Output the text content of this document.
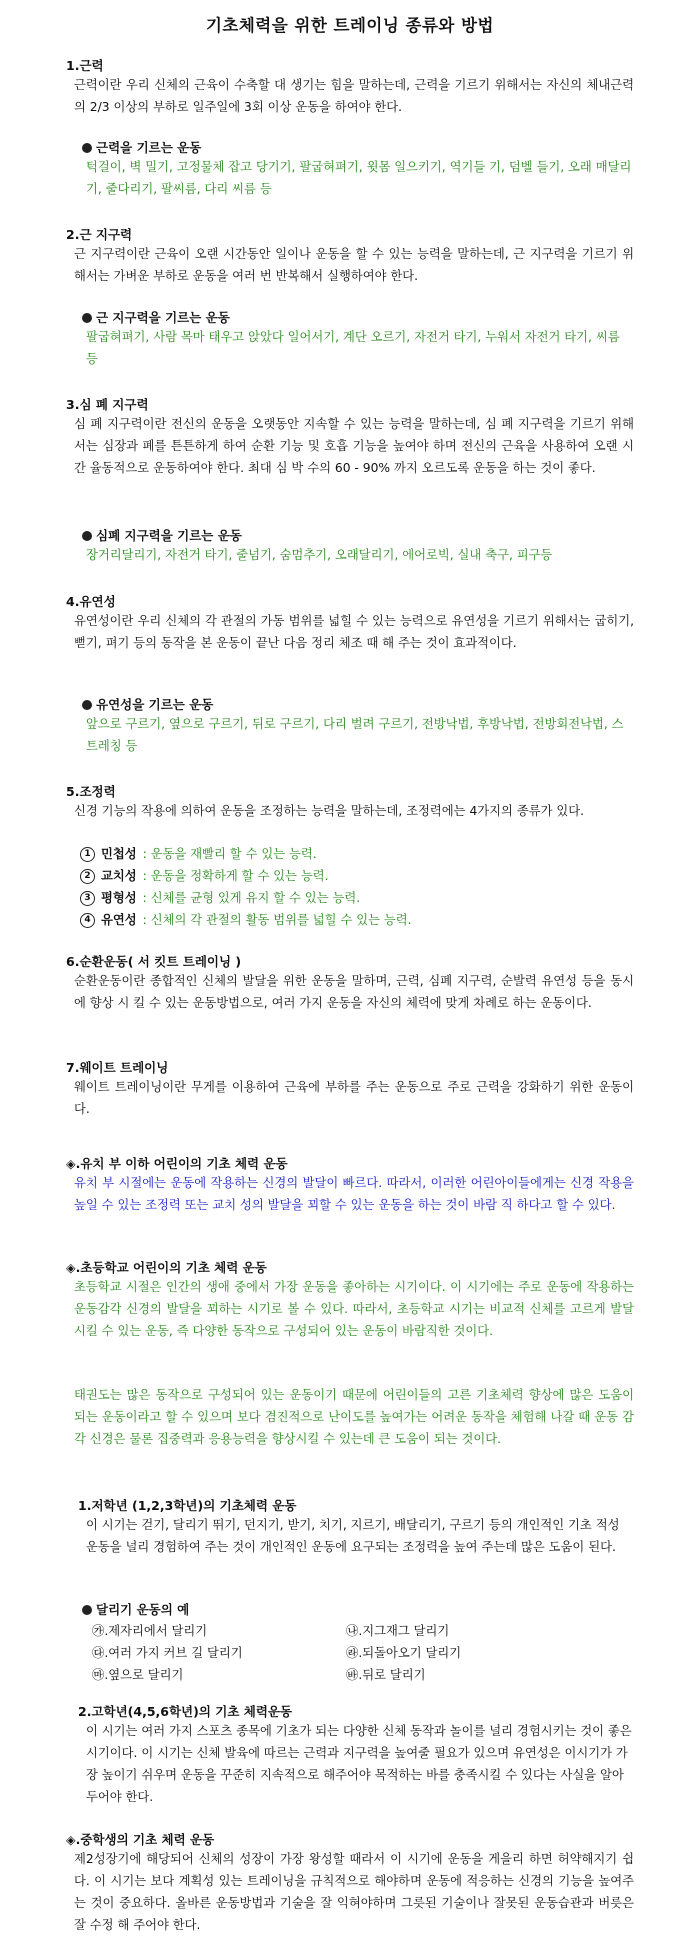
기초체력을 위한 트레이닝 종류와 방법
1.근력
근력이란 우리 신체의 근육이 수축할 대 생기는 힘을 말하는데, 근력을 기르기 위해서는 자신의 체내근력의 2/3 이상의 부하로 일주일에 3회 이상 운동을 하여야 한다.
근력을 기르는 운동
턱걸이, 벽 밀기, 고정물체 잡고 당기기, 팔굽혀펴기, 윗몸 일으키기, 역기들 기, 덤벨 들기, 오래 매달리기, 줄다리기, 팔씨름, 다리 씨름 등
2.근 지구력
근 지구력이란 근육이 오랜 시간동안 일이나 운동을 할 수 있는 능력을 말하는데, 근 지구력을 기르기 위해서는 가벼운 부하로 운동을 여러 번 반복해서 실행하여야 한다.
근 지구력을 기르는 운동
팔굽혀펴기, 사람 목마 태우고 앉았다 일어서기, 계단 오르기, 자전거 타기, 누워서 자전거 타기, 씨름 등
3.심 폐 지구력
심 폐 지구력이란 전신의 운동을 오랫동안 지속할 수 있는 능력을 말하는데, 심 폐 지구력을 기르기 위해서는 심장과 폐를 튼튼하게 하여 순환 기능 및 호흡 기능을 높여야 하며 전신의 근육을 사용하여 오랜 시간 율동적으로 운동하여야 한다. 최대 심 박 수의 60 - 90% 까지 오르도록 운동을 하는 것이 좋다.
심폐 지구력을 기르는 운동
장거리달리기, 자전거 타기, 줄넘기, 숨멈추기, 오래달리기, 에어로빅, 실내 축구, 피구등
4.유연성
유연성이란 우리 신체의 각 관절의 가동 범위를 넓힐 수 있는 능력으로 유연성을 기르기 위해서는 굽히기, 뻗기, 펴기 등의 동작을 본 운동이 끝난 다음 정리 체조 때 해 주는 것이 효과적이다.
유연성을 기르는 운동
앞으로 구르기, 옆으로 구르기, 뒤로 구르기, 다리 벌려 구르기, 전방낙법, 후방낙법, 전방회전낙법, 스트레칭 등
5.조정력
신경 기능의 작용에 의하여 운동을 조정하는 능력을 말하는데, 조정력에는 4가지의 종류가 있다.
1 민첩성 : 운동을 재빨리 할 수 있는 능력.
2 교치성 : 운동을 정확하게 할 수 있는 능력.
3 평형성 : 신체를 균형 있게 유지 할 수 있는 능력.
4 유연성 : 신체의 각 관절의 활동 범위를 넓힐 수 있는 능력.
6.순환운동( 서 킷트 트레이닝 )
순환운동이란 종합적인 신체의 발달을 위한 운동을 말하며, 근력, 심폐 지구력, 순발력 유연성 등을 동시에 향상 시 킬 수 있는 운동방법으로, 여러 가지 운동을 자신의 체력에 맞게 차례로 하는 운동이다.
7.웨이트 트레이닝
웨이트 트레이닝이란 무게를 이용하여 근육에 부하를 주는 운동으로 주로 근력을 강화하기 위한 운동이다.
◈.유치 부 이하 어린이의 기초 체력 운동
유치 부 시절에는 운동에 작용하는 신경의 발달이 빠르다. 따라서, 이러한 어린아이들에게는 신경 작용을 높일 수 있는 조정력 또는 교치 성의 발달을 꾀할 수 있는 운동을 하는 것이 바람 직 하다고 할 수 있다.
◈.초등학교 어린이의 기초 체력 운동
초등학교 시절은 인간의 생애 중에서 가장 운동을 좋아하는 시기이다. 이 시기에는 주로 운동에 작용하는 운동감각 신경의 발달을 꾀하는 시기로 볼 수 있다. 따라서, 초등학교 시기는 비교적 신체를 고르게 발달시킬 수 있는 운동, 즉 다양한 동작으로 구성되어 있는 운동이 바람직한 것이다.
태권도는 많은 동작으로 구성되어 있는 운동이기 때문에 어린이들의 고른 기초체력 향상에 많은 도움이 되는 운동이라고 할 수 있으며 보다 겸진적으로 난이도를 높여가는 어려운 동작을 체험해 나갈 때 운동 감각 신경은 물론 집중력과 응용능력을 향상시킬 수 있는데 큰 도움이 되는 것이다.
1.저학년 (1,2,3학년)의 기초체력 운동
이 시기는 걷기, 달리기 뛰기, 던지기, 받기, 치기, 지르기, 배달리기, 구르기 등의 개인적인 기초 적성 운동을 널리 경험하여 주는 것이 개인적인 운동에 요구되는 조정력을 높여 주는데 많은 도움이 된다.
달리기 운동의 예
㉮.제자리에서 달리기	㉯.지그재그 달리기
㉰.여러 가지 커브 길 달리기	㉱.되돌아오기 달리기
㉲.옆으로 달리기	㉳.뒤로 달리기
2.고학년(4,5,6학년)의 기초 체력운동
이 시기는 여러 가지 스포츠 종목에 기초가 되는 다양한 신체 동작과 놀이를 널리 경험시키는 것이 좋은 시기이다. 이 시기는 신체 발육에 따르는 근력과 지구력을 높여줄 필요가 있으며 유연성은 이시기가 가장 높이기 쉬우며 운동을 꾸준히 지속적으로 해주어야 목적하는 바를 충족시킬 수 있다는 사실을 알아두어야 한다.
◈.중학생의 기초 체력 운동
제2성장기에 해당되어 신체의 성장이 가장 왕성할 때라서 이 시기에 운동을 게을리 하면 허약해지기 쉽다. 이 시기는 보다 계획성 있는 트레이닝을 규칙적으로 해야하며 운동에 적응하는 신경의 기능을 높여주는 것이 중요하다. 올바른 운동방법과 기술을 잘 익혀야하며 그릇된 기술이나 잘못된 운동습관과 버릇은 잘 수정 해 주어야 한다.
